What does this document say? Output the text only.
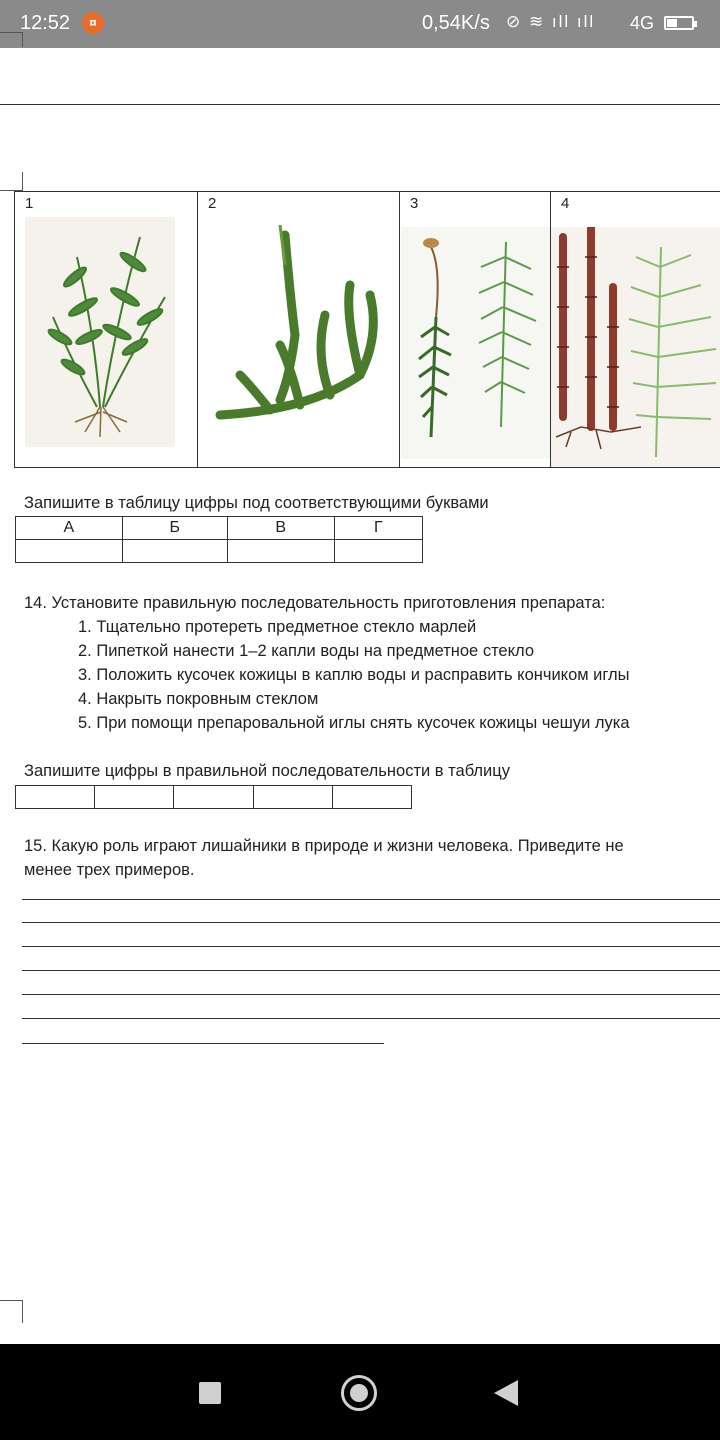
12:52	¤	0,54K/s ⊘ ≋ ıll ıll 4G
1	2	3	4
Запишите в таблицу цифры под соответствующими буквами
А	Б	В	Г

14. Установите правильную последовательность приготовления препарата:
1. Тщательно протереть предметное стекло марлей
2. Пипеткой нанести 1–2 капли воды на предметное стекло
3. Положить кусочек кожицы в каплю воды и расправить кончиком иглы
4. Накрыть покровным стеклом
5. При помощи препаровальной иглы снять кусочек кожицы чешуи лука
Запишите цифры в правильной последовательности в таблицу

15. Какую роль играют лишайники в природе и жизни человека. Приведите не
менее трех примеров.
